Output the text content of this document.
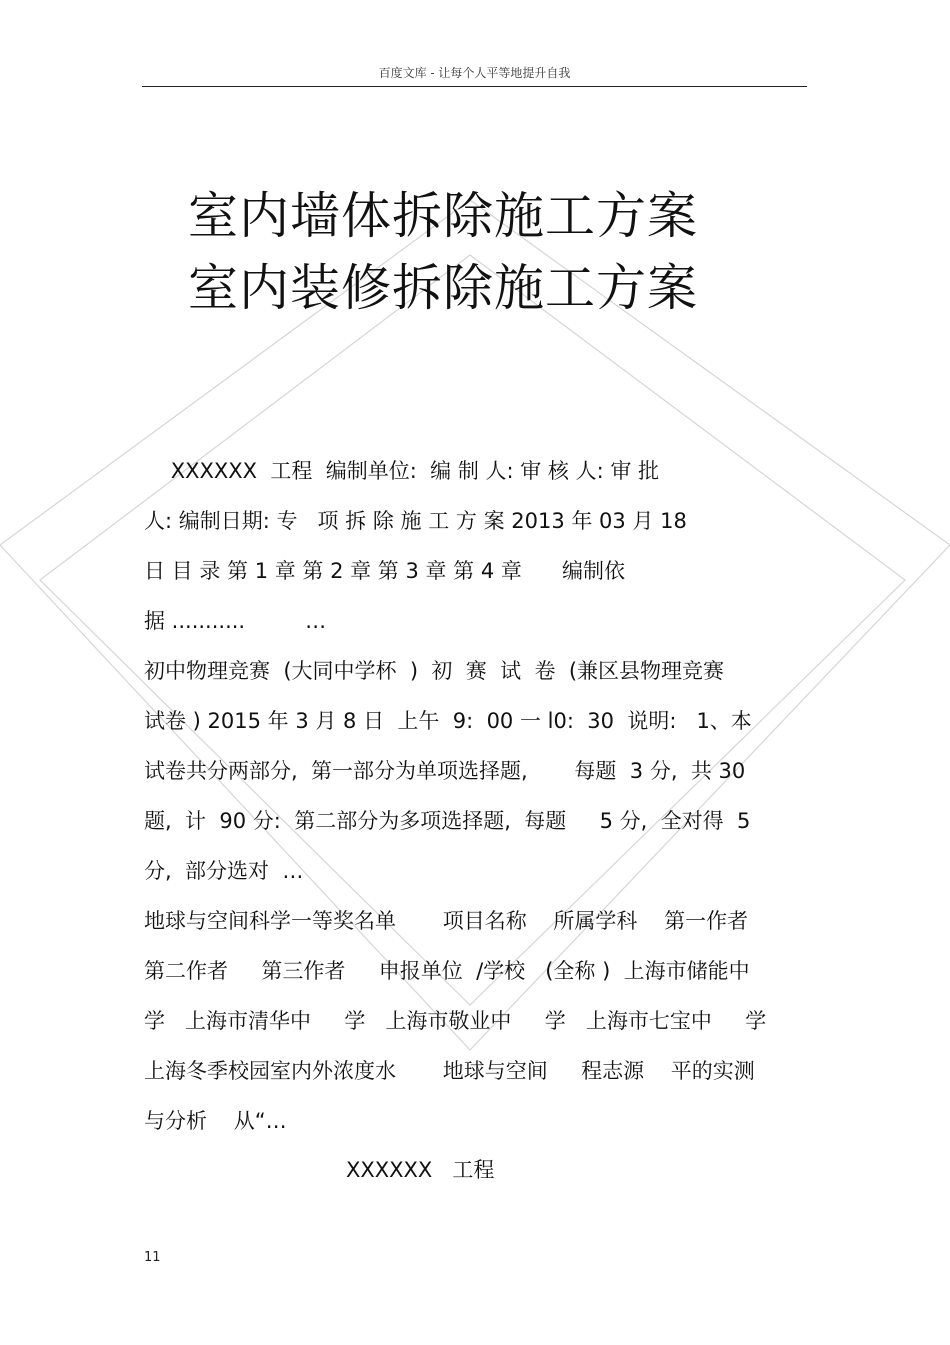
百度文库 - 让每个人平等地提升自我
室内墙体拆除施工方案
室内装修拆除施工方案
XXXXXX  工程  编制单位:  编 制 人: 审 核 人: 审 批
人: 编制日期: 专   项 拆 除 施 工 方 案 2013 年 03 月 18
日 目 录 第 1 章 第 2 章 第 3 章 第 4 章      编制依
据 ...........         …
初中物理竞赛  (大同中学杯  )  初  赛  试  卷  (兼区县物理竞赛
试卷 ) 2015 年 3 月 8 日  上午  9:  00 一 l0:  30  说明:   1、本
试卷共分两部分,  第一部分为单项选择题,       每题  3 分,  共 30
题,  计  90 分:  第二部分为多项选择题,  每题     5 分,  全对得  5
分,  部分选对  …
地球与空间科学一等奖名单       项目名称    所属学科    第一作者
第二作者     第三作者     申报单位  /学校   (全称 )  上海市储能中
学   上海市清华中     学   上海市敬业中     学   上海市七宝中     学
上海冬季校园室内外浓度水       地球与空间     程志源    平的实测
与分析    从“…
XXXXXX   工程
11
